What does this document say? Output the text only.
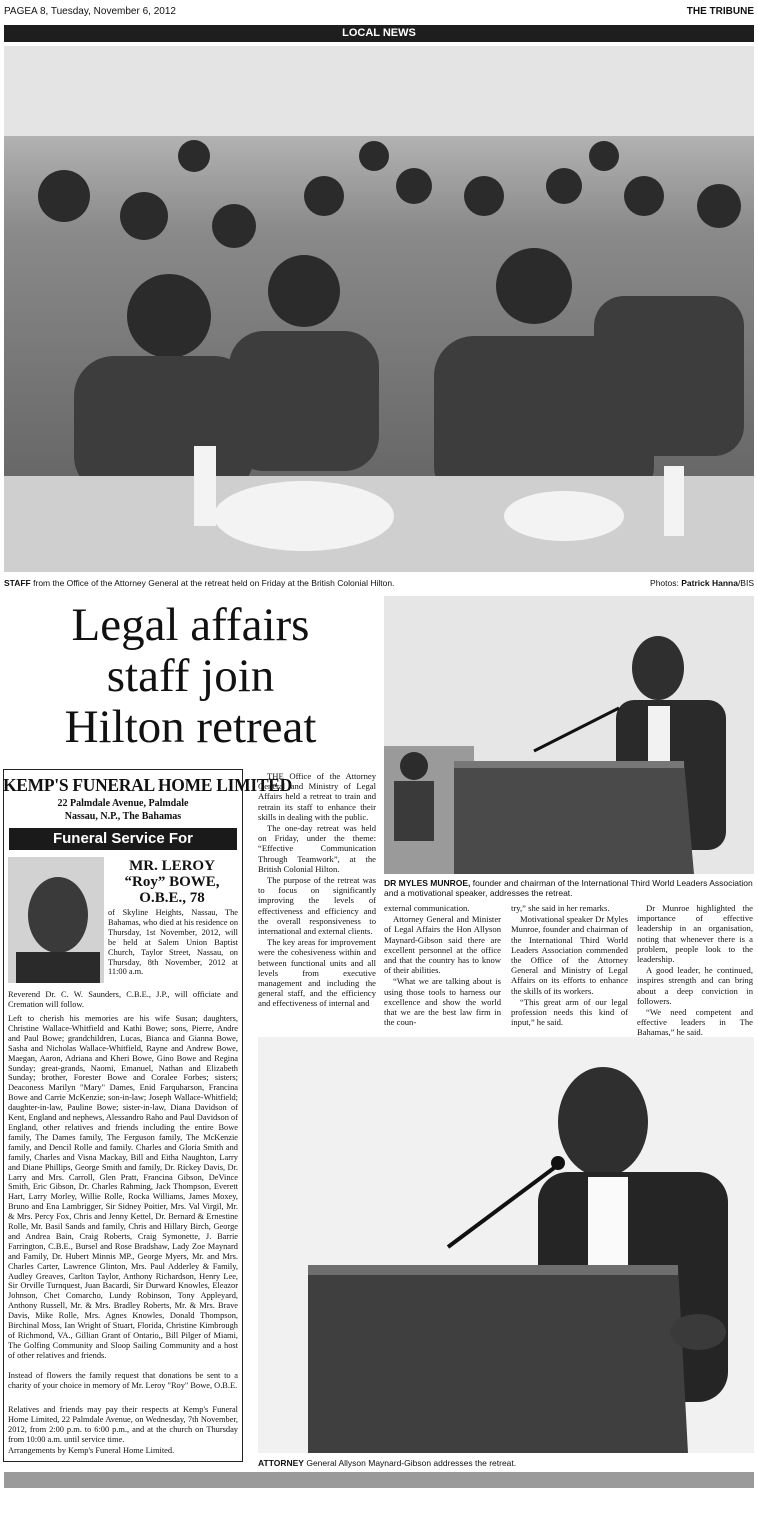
PAGEA 8, Tuesday, November 6, 2012	THE TRIBUNE
LOCAL NEWS
STAFF from the Office of the Attorney General at the retreat held on Friday at the British Colonial Hilton.	Photos: Patrick Hanna/BIS
Legal affairs
staff join
Hilton retreat
KEMP'S FUNERAL HOME LIMITED
22 Palmdale Avenue, Palmdale
Nassau, N.P., The Bahamas
Funeral Service For
MR. LEROY
“Roy” BOWE,
O.B.E., 78
of Skyline Heights, Nassau, The Bahamas, who died at his residence on Thursday, 1st November, 2012, will be held at Salem Union Baptist Church, Taylor Street, Nassau, on Thursday, 8th November, 2012 at 11:00 a.m.
Reverend Dr. C. W. Saunders, C.B.E., J.P., will officiate and Cremation will follow.
Left to cherish his memories are his wife Susan; daughters, Christine Wallace-Whitfield and Kathi Bowe; sons, Pierre, Andre and Paul Bowe; grandchildren, Lucas, Bianca and Gianna Bowe, Sasha and Nicholas Wallace-Whitfield, Rayne and Andrew Bowe, Maegan, Aaron, Adriana and Kheri Bowe, Gino Bowe and Regina Sunday; great-grands, Naomi, Emanuel, Nathan and Elizabeth Sunday; brother, Forester Bowe and Coralee Forbes; sisters; Deaconess Marilyn "Mary" Dames, Enid Farquharson, Francina Bowe and Carrie McKenzie; son-in-law; Joseph Wallace-Whitfield; daughter-in-law, Pauline Bowe; sister-in-law, Diana Davidson of Kent, England and nephews, Alessandro Raho and Paul Davidson of England, other relatives and friends including the entire Bowe family, The Dames family, The Ferguson family, The McKenzie family, and Dencil Rolle and family. Charles and Gloria Smith and family, Charles and Visna Mackay, Bill and Eitha Naughton, Larry and Diane Phillips, George Smith and family, Dr. Rickey Davis, Dr. Larry and Mrs. Carroll, Glen Pratt, Francina Gibson, DeVince Smith, Eric Gibson, Dr. Charles Rahming, Jack Thompson, Everett Hart, Larry Morley, Willie Rolle, Rocka Williams, James Moxey, Bruno and Ena Lambrigger, Sir Sidney Poitier, Mrs. Val Virgil, Mr. & Mrs. Percy Fox, Chris and Jenny Kettel, Dr. Bernard & Ernestine Rolle, Mr. Basil Sands and family, Chris and Hillary Birch, George and Andrea Bain, Craig Roberts, Craig Symonette, J. Barrie Farrington, C.B.E., Bursel and Rose Bradshaw, Lady Zoe Maynard and Family, Dr. Hubert Minnis MP., George Myers, Mr. and Mrs. Charles Carter, Lawrence Glinton, Mrs. Paul Adderley & Family, Audley Greaves, Carlton Taylor, Anthony Richardson, Henry Lee, Sir Orville Turnquest, Juan Bacardi, Sir Durward Knowles, Eleazor Johnson, Chet Comarcho, Lundy Robinson, Tony Appleyard, Anthony Russell, Mr. & Mrs. Bradley Roberts, Mr. & Mrs. Brave Davis, Mike Rolle, Mrs. Agnes Knowles, Donald Thompson, Birchinal Moss, Ian Wright of Stuart, Florida, Christine Kimbrough of Richmond, VA., Gillian Grant of Ontario,, Bill Pilger of Miami, The Golfing Community and Sloop Sailing Community and a host of other relatives and friends.
Instead of flowers the family request that donations be sent to a charity of your choice in memory of Mr. Leroy "Roy" Bowe, O.B.E.
Relatives and friends may pay their respects at Kemp's Funeral Home Limited, 22 Palmdale Avenue, on Wednesday, 7th November, 2012, from 2:00 p.m. to 6:00 p.m., and at the church on Thursday from 10:00 a.m. until service time.
Arrangements by Kemp's Funeral Home Limited.

THE Office of the Attorney General and Ministry of Legal Affairs held a retreat to train and retrain its staff to enhance their skills in dealing with the public.

The one-day retreat was held on Friday, under the theme: “Effective Communication Through Teamwork”, at the British Colonial Hilton.

The purpose of the retreat was to focus on significantly improving the levels of effectiveness and efficiency and the overall responsiveness to international and external clients.

The key areas for improvement were the cohesiveness within and between functional units and all levels from executive management and including the general staff, and the efficiency and effectiveness of internal and

DR MYLES MUNROE, founder and chairman of the International Third World Leaders Association and a motivational speaker, addresses the retreat.

external communication.

Attorney General and Minister of Legal Affairs the Hon Allyson Maynard-Gibson said there are excellent personnel at the office and that the country has to know of their abilities.

“What we are talking about is using those tools to harness our excellence and show the world that we are the best law firm in the coun-

try,” she said in her remarks.

Motivational speaker Dr Myles Munroe, founder and chairman of the International Third World Leaders Association commended the Office of the Attorney General and Ministry of Legal Affairs on its efforts to enhance the skills of its workers.

“This great arm of our legal profession needs this kind of input,” he said.

Dr Munroe highlighted the importance of effective leadership in an organisation, noting that whenever there is a problem, people look to the leadership.

A good leader, he continued, inspires strength and can bring about a deep conviction in followers.

“We need competent and effective leaders in The Bahamas,” he said.

ATTORNEY General Allyson Maynard-Gibson addresses the retreat.
